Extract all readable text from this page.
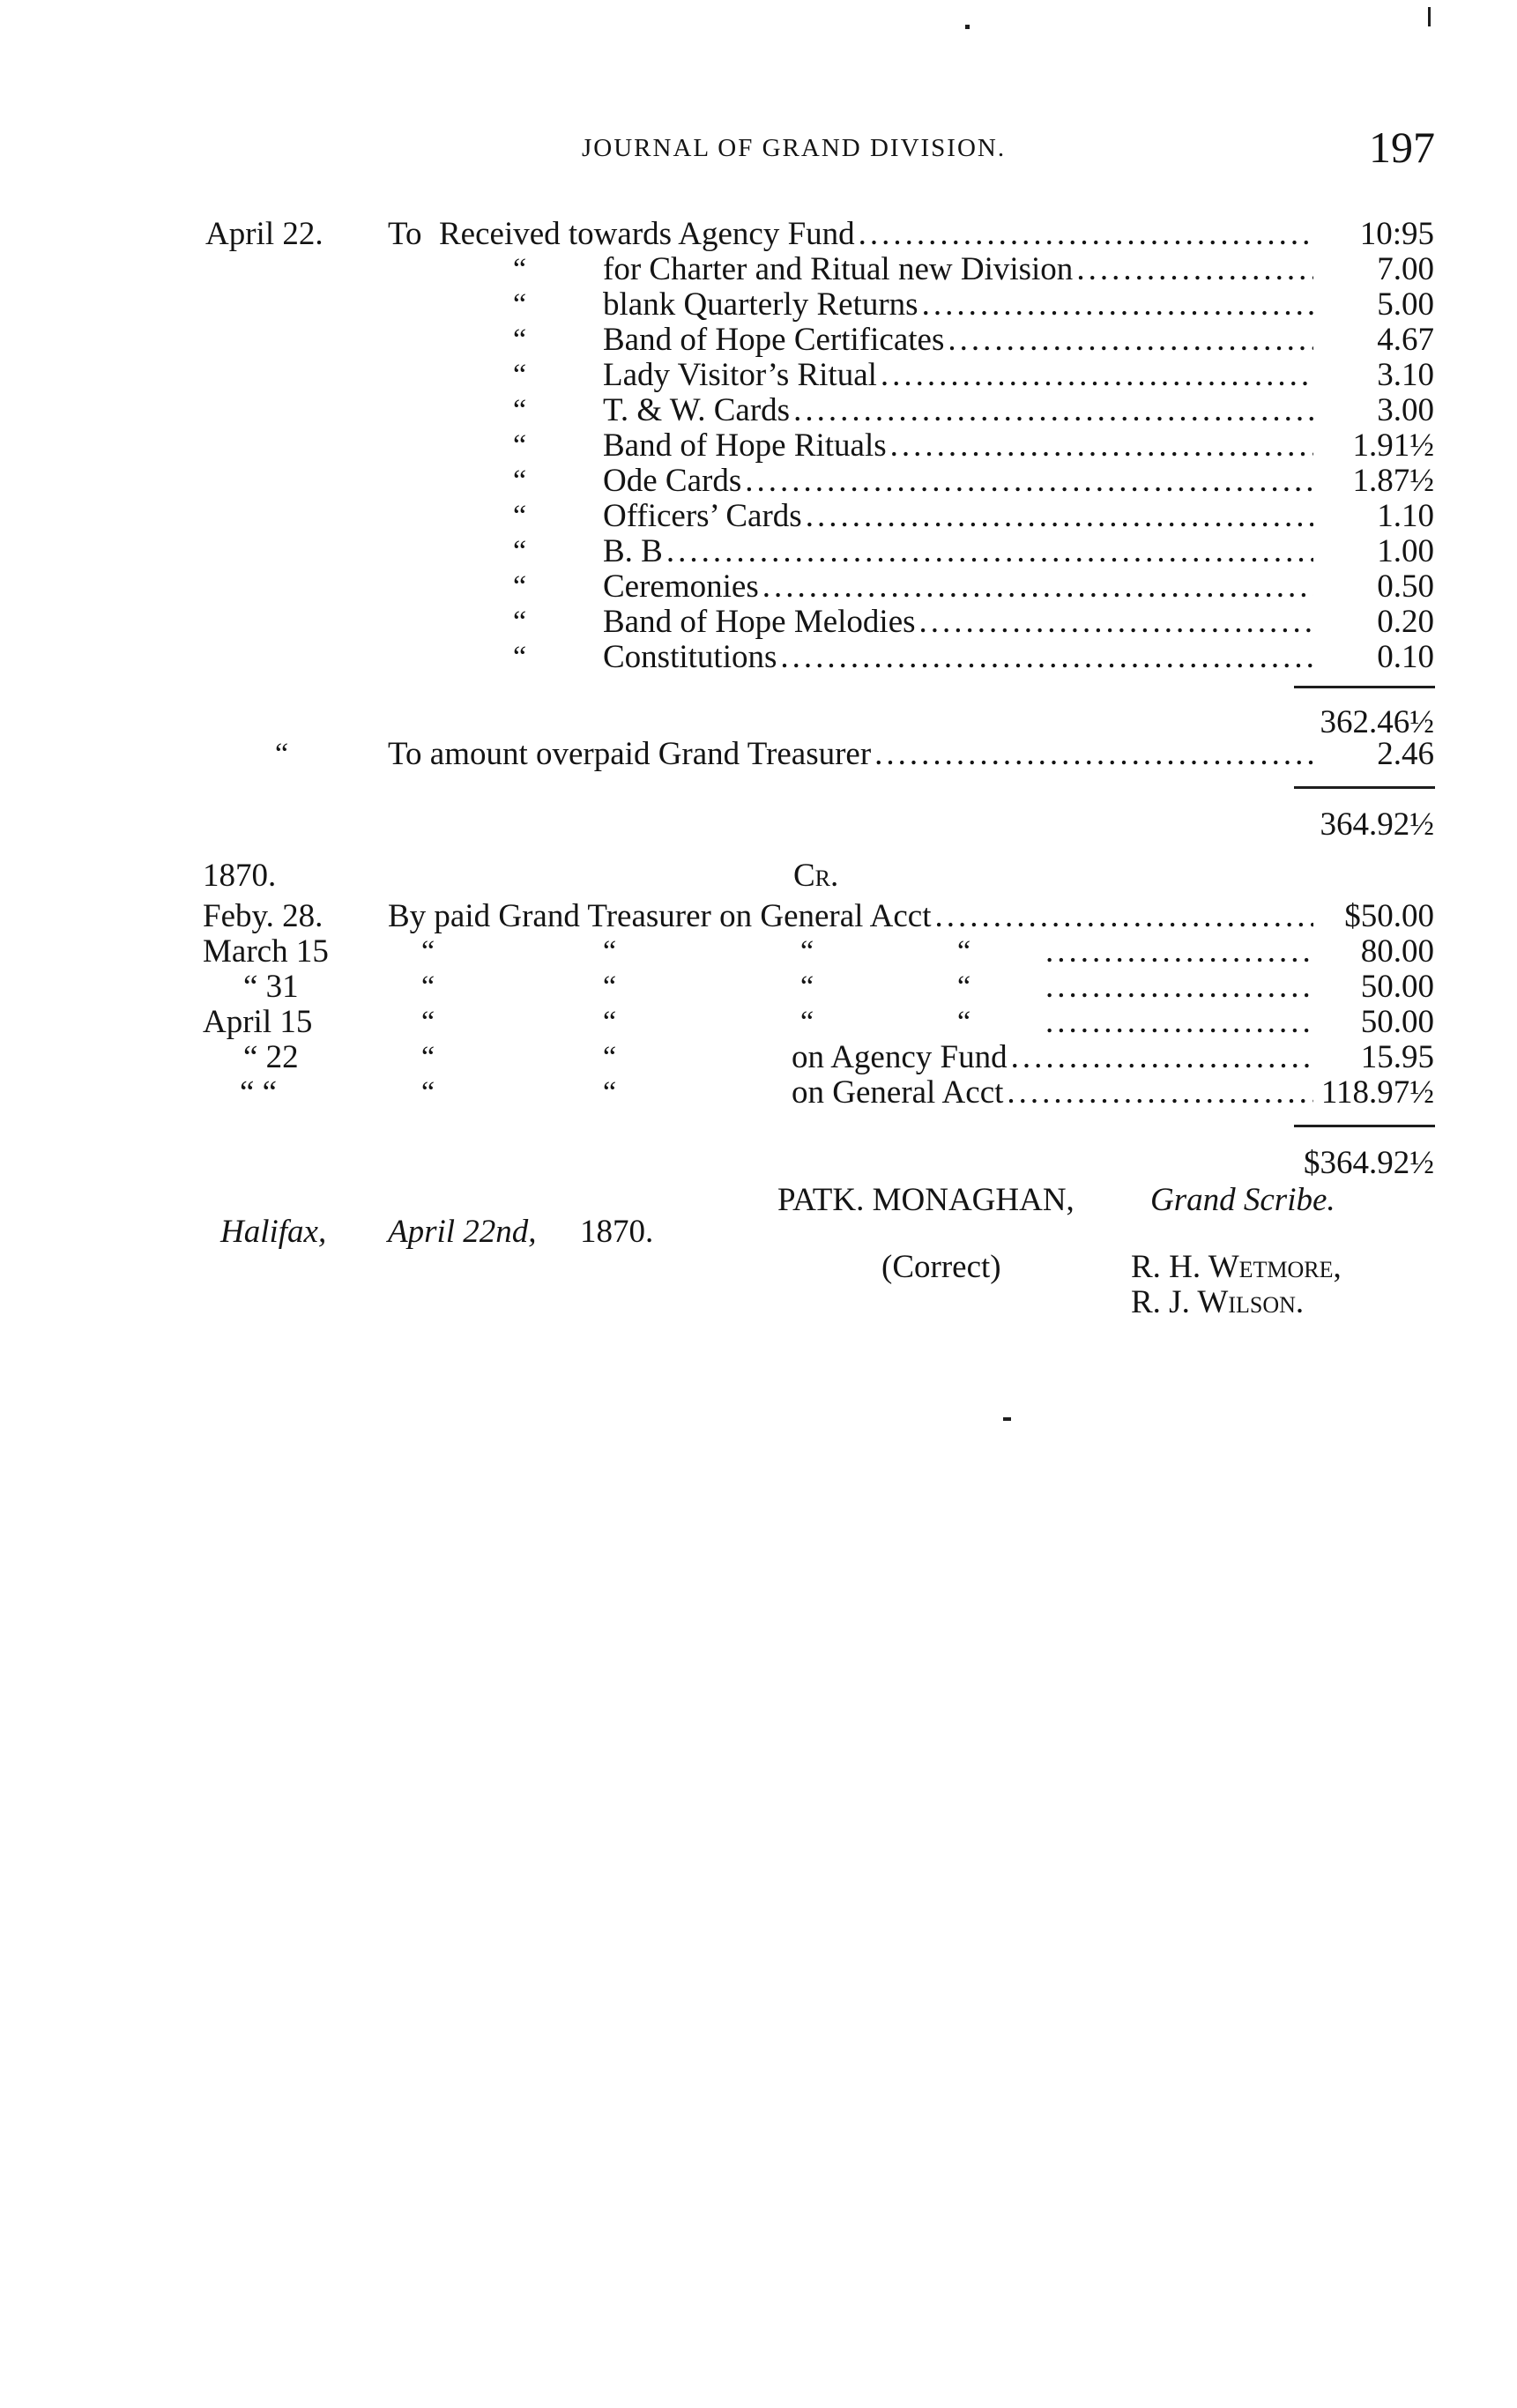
JOURNAL OF GRAND DIVISION.	197
April 22. To Received towards Agency Fund .....	10:95
“ for Charter and Ritual new Division .....	7.00
“ blank Quarterly Returns .....	5.00
“ Band of Hope Certificates .....	4.67
“ Lady Visitor’s Ritual .....	3.10
“ T. & W. Cards .....	3.00
“ Band of Hope Rituals .....	1.91½
“ Ode Cards .....	1.87½
“ Officers’ Cards .....	1.10
“ B. B .....	1.00
“ Ceremonies .....	0.50
“ Band of Hope Melodies .....	0.20
“ Constitutions .....	0.10
362.46½
“	To amount overpaid Grand Treasurer .....	2.46
364.92½
1870.	Cr.
Feby. 28. By paid Grand Treasurer on General Acct .....	$50.00
March 15	“	“	“	“ .....	80.00
“ 31	“	“	“	“ .....	50.00
April 15	“	“	“	“ .....	50.00
“ 22	“	“	on Agency Fund .....	15.95
“ “	“	“	on General Acct .....	118.97½
$364.92½
PATK. MONAGHAN, Grand Scribe.
Halifax, April 22nd, 1870.
(Correct)	R. H. Wetmore,
R. J. Wilson.
